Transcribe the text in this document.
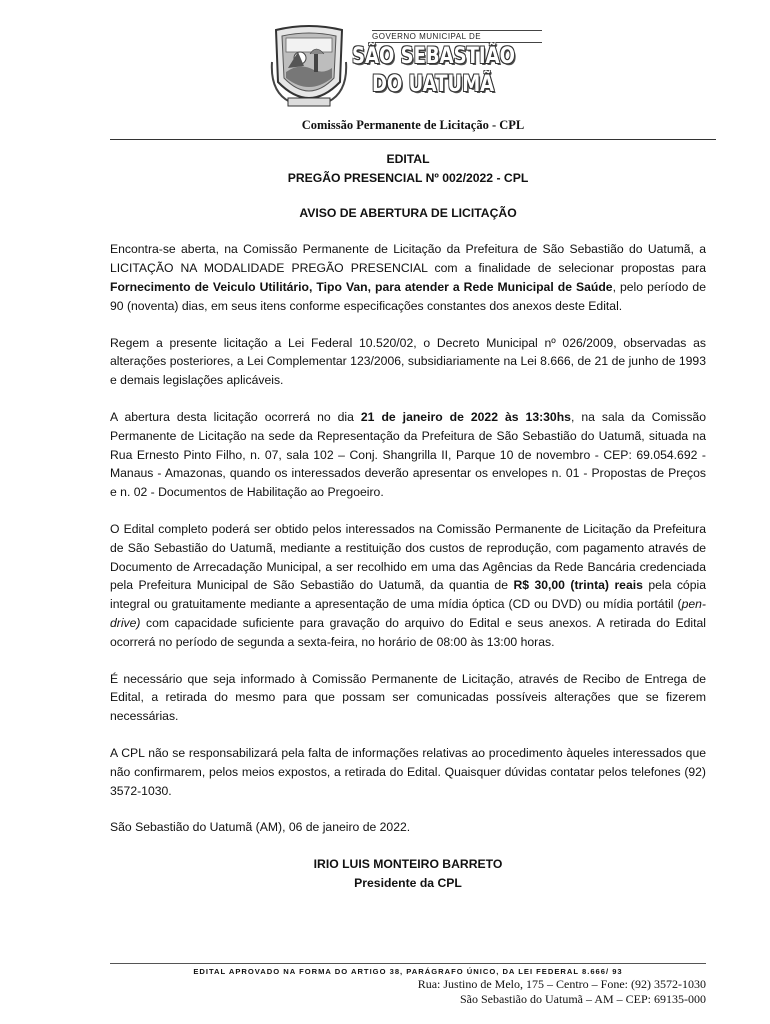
GOVERNO MUNICIPAL DE
SÃO SEBASTIÃO
DO UATUMÃ
Comissão Permanente de Licitação - CPL
EDITAL
PREGÃO PRESENCIAL Nº 002/2022 - CPL
AVISO DE ABERTURA DE LICITAÇÃO

Encontra-se aberta, na Comissão Permanente de Licitação da Prefeitura de São Sebastião do Uatumã, a LICITAÇÃO NA MODALIDADE PREGÃO PRESENCIAL com a finalidade de selecionar propostas para Fornecimento de Veiculo Utilitário, Tipo Van, para atender a Rede Municipal de Saúde, pelo período de 90 (noventa) dias, em seus itens conforme especificações constantes dos anexos deste Edital.

Regem a presente licitação a Lei Federal 10.520/02, o Decreto Municipal nº 026/2009, observadas as alterações posteriores, a Lei Complementar 123/2006, subsidiariamente na Lei 8.666, de 21 de junho de 1993 e demais legislações aplicáveis.

A abertura desta licitação ocorrerá no dia 21 de janeiro de 2022 às 13:30hs, na sala da Comissão Permanente de Licitação na sede da Representação da Prefeitura de São Sebastião do Uatumã, situada na Rua Ernesto Pinto Filho, n. 07, sala 102 – Conj. Shangrilla II, Parque 10 de novembro - CEP: 69.054.692 - Manaus - Amazonas, quando os interessados deverão apresentar os envelopes n. 01 - Propostas de Preços e n. 02 - Documentos de Habilitação ao Pregoeiro.

O Edital completo poderá ser obtido pelos interessados na Comissão Permanente de Licitação da Prefeitura de São Sebastião do Uatumã, mediante a restituição dos custos de reprodução, com pagamento através de Documento de Arrecadação Municipal, a ser recolhido em uma das Agências da Rede Bancária credenciada pela Prefeitura Municipal de São Sebastião do Uatumã, da quantia de R$ 30,00 (trinta) reais pela cópia integral ou gratuitamente mediante a apresentação de uma mídia óptica (CD ou DVD) ou mídia portátil (pen-drive) com capacidade suficiente para gravação do arquivo do Edital e seus anexos. A retirada do Edital ocorrerá no período de segunda a sexta-feira, no horário de 08:00 às 13:00 horas.

É necessário que seja informado à Comissão Permanente de Licitação, através de Recibo de Entrega de Edital, a retirada do mesmo para que possam ser comunicadas possíveis alterações que se fizerem necessárias.

A CPL não se responsabilizará pela falta de informações relativas ao procedimento àqueles interessados que não confirmarem, pelos meios expostos, a retirada do Edital. Quaisquer dúvidas contatar pelos telefones (92) 3572-1030.

São Sebastião do Uatumã (AM), 06 de janeiro de 2022.

IRIO LUIS MONTEIRO BARRETO
Presidente da CPL
EDITAL APROVADO NA FORMA DO ARTIGO 38, PARÁGRAFO ÚNICO, DA LEI FEDERAL 8.666/ 93
Rua: Justino de Melo, 175 – Centro – Fone: (92) 3572-1030
São Sebastião do Uatumã – AM – CEP: 69135-000
